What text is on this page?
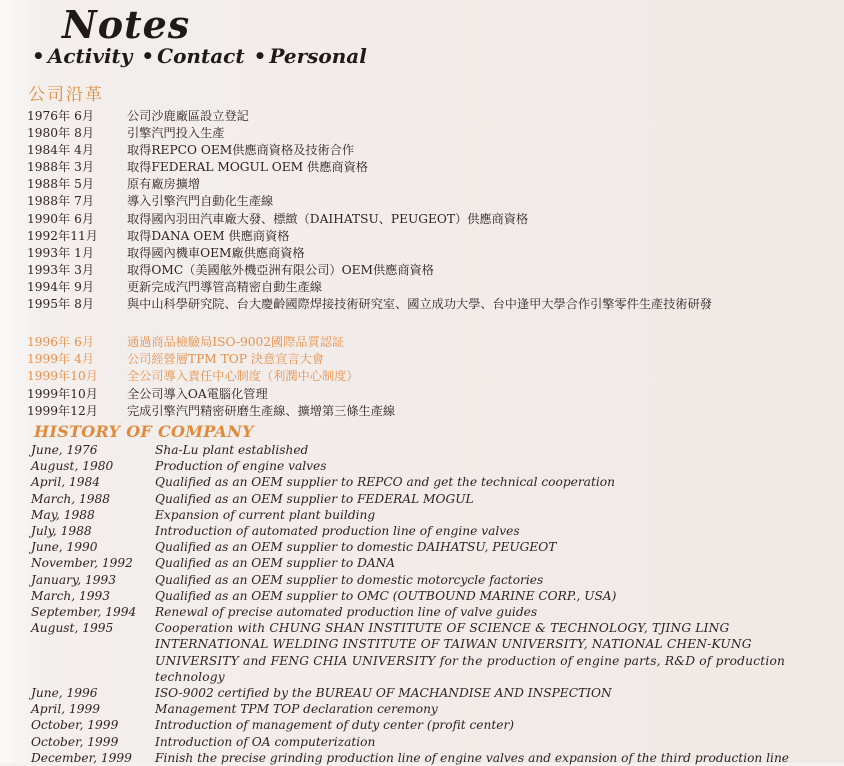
Notes
• Activity • Contact • Personal
公司沿革
1976年 6月	公司沙鹿廠區設立登記
1980年 8月	引擎汽門投入生產
1984年 4月	取得REPCO OEM供應商資格及技術合作
1988年 3月	取得FEDERAL MOGUL OEM 供應商資格
1988年 5月	原有廠房擴增
1988年 7月	導入引擎汽門自動化生產線
1990年 6月	取得國內羽田汽車廠大發、標緻（DAIHATSU、PEUGEOT）供應商資格
1992年11月	取得DANA OEM 供應商資格
1993年 1月	取得國內機車OEM廠供應商資格
1993年 3月	取得OMC（美國舷外機亞洲有限公司）OEM供應商資格
1994年 9月	更新完成汽門導管高精密自動生產線
1995年 8月	與中山科學研究院、台大慶齡國際焊接技術研究室、國立成功大學、台中逢甲大學合作引擎零件生產技術研發
1996年 6月	通過商品檢驗局ISO-9002國際品質認証
1999年 4月	公司經營層TPM TOP 決意宣言大會
1999年10月	全公司導入責任中心制度（利潤中心制度）
1999年10月	全公司導入OA電腦化管理
1999年12月	完成引擎汽門精密研磨生產線、擴增第三條生產線
HISTORY OF COMPANY
June, 1976	Sha-Lu plant established
August, 1980	Production of engine valves
April, 1984	Qualified as an OEM supplier to REPCO and get the technical cooperation
March, 1988	Qualified as an OEM supplier to FEDERAL MOGUL
May, 1988	Expansion of current plant building
July, 1988	Introduction of automated production line of engine valves
June, 1990	Qualified as an OEM supplier to domestic DAIHATSU, PEUGEOT
November, 1992	Qualified as an OEM supplier to DANA
January, 1993	Qualified as an OEM supplier to domestic motorcycle factories
March, 1993	Qualified as an OEM supplier to OMC (OUTBOUND MARINE CORP., USA)
September, 1994	Renewal of precise automated production line of valve guides
August, 1995	Cooperation with CHUNG SHAN INSTITUTE OF SCIENCE & TECHNOLOGY, TJING LING INTERNATIONAL WELDING INSTITUTE OF TAIWAN UNIVERSITY, NATIONAL CHEN-KUNG UNIVERSITY and FENG CHIA UNIVERSITY for the production of engine parts, R&D of production technology
June, 1996	ISO-9002 certified by the BUREAU OF MACHANDISE AND INSPECTION
April, 1999	Management TPM TOP declaration ceremony
October, 1999	Introduction of management of duty center (profit center)
October, 1999	Introduction of OA computerization
December, 1999	Finish the precise grinding production line of engine valves and expansion of the third production line
